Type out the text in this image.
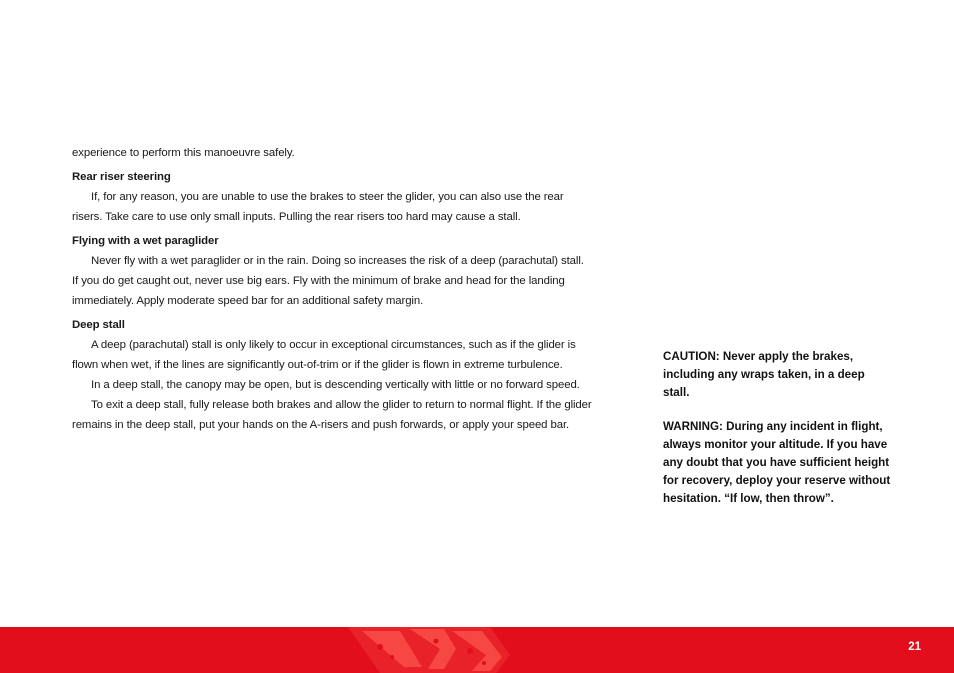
experience to perform this manoeuvre safely.

Rear riser steering

If, for any reason, you are unable to use the brakes to steer the glider, you can also use the rear risers. Take care to use only small inputs. Pulling the rear risers too hard may cause a stall.

Flying with a wet paraglider

Never fly with a wet paraglider or in the rain. Doing so increases the risk of a deep (parachutal) stall. If you do get caught out, never use big ears. Fly with the minimum of brake and head for the landing immediately. Apply moderate speed bar for an additional safety margin.

Deep stall

A deep (parachutal) stall is only likely to occur in exceptional circumstances, such as if the glider is flown when wet, if the lines are significantly out-of-trim or if the glider is flown in extreme turbulence.

In a deep stall, the canopy may be open, but is descending vertically with little or no forward speed.

To exit a deep stall, fully release both brakes and allow the glider to return to normal flight. If the glider remains in the deep stall, put your hands on the A-risers and push forwards, or apply your speed bar.

CAUTION: Never apply the brakes, including any wraps taken, in a deep stall.

WARNING: During any incident in flight, always monitor your altitude. If you have any doubt that you have sufficient height for recovery, deploy your reserve without hesitation. “If low, then throw”.

21
